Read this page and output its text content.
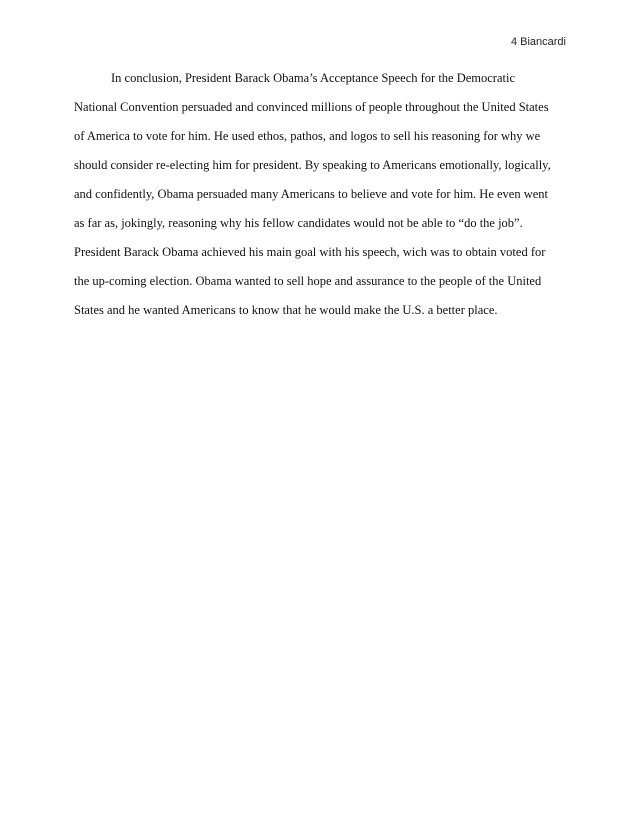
4 Biancardi
In conclusion, President Barack Obama’s Acceptance Speech for the Democratic
National Convention persuaded and convinced millions of people throughout the United States
of America to vote for him. He used ethos, pathos, and logos to sell his reasoning for why we
should consider re-electing him for president. By speaking to Americans emotionally, logically,
and confidently, Obama persuaded many Americans to believe and vote for him. He even went
as far as, jokingly, reasoning why his fellow candidates would not be able to “do the job”.
President Barack Obama achieved his main goal with his speech, wich was to obtain voted for
the up-coming election. Obama wanted to sell hope and assurance to the people of the United
States and he wanted Americans to know that he would make the U.S. a better place.
